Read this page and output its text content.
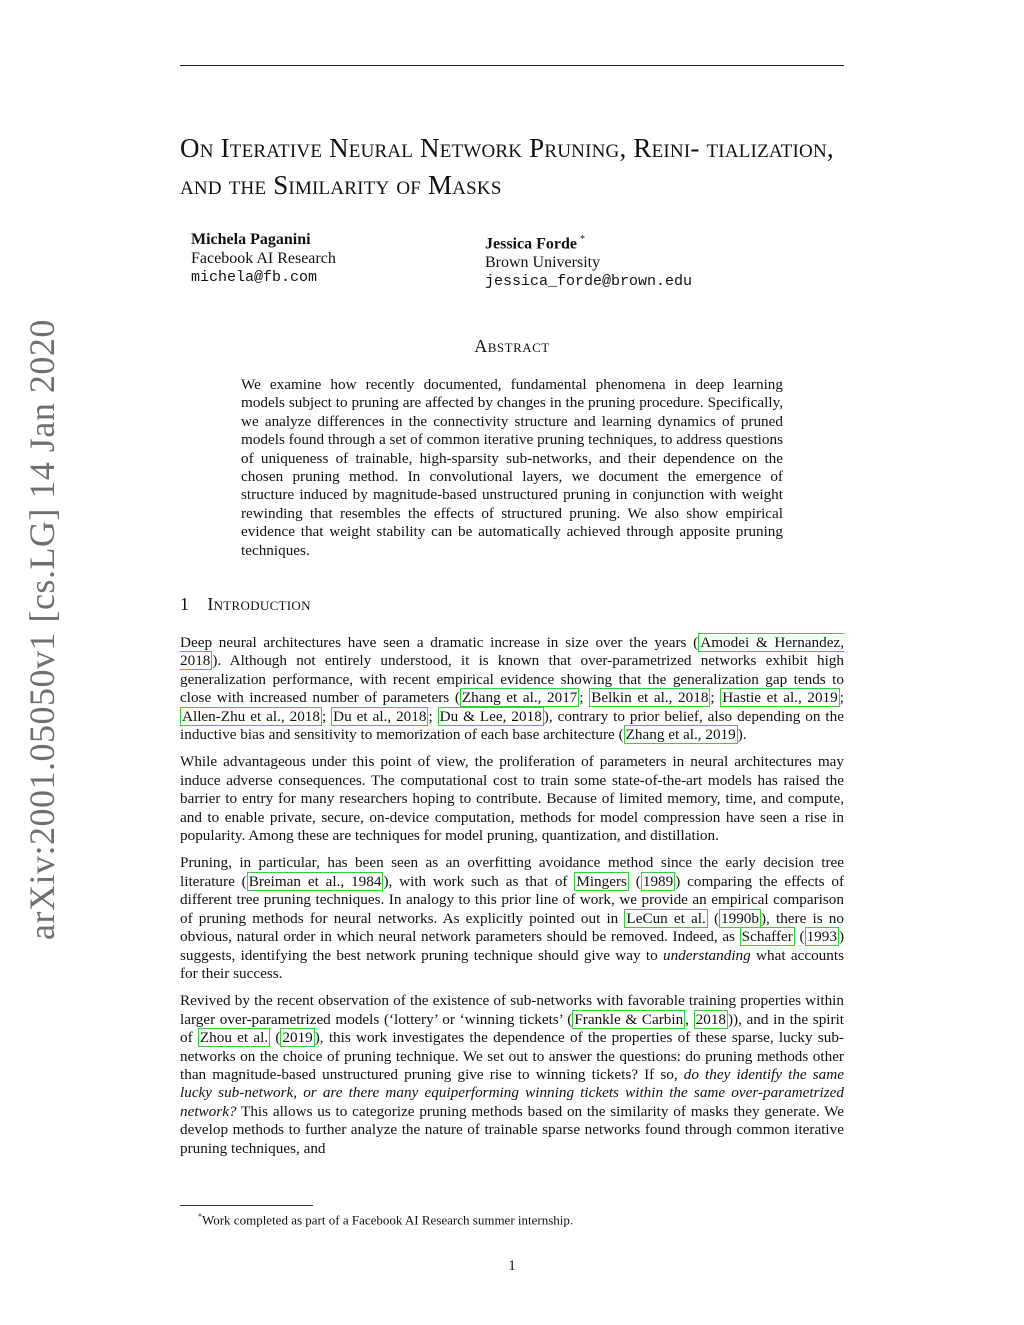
arXiv:2001.05050v1 [cs.LG] 14 Jan 2020
On Iterative Neural Network Pruning, Reini- tialization, and the Similarity of Masks
Michela Paganini
Facebook AI Research
michela@fb.com
Jessica Forde *
Brown University
jessica_forde@brown.edu
Abstract

We examine how recently documented, fundamental phenomena in deep learning models subject to pruning are affected by changes in the pruning procedure. Specifically, we analyze differences in the connectivity structure and learning dynamics of pruned models found through a set of common iterative pruning techniques, to address questions of uniqueness of trainable, high-sparsity sub-networks, and their dependence on the chosen pruning method. In convolutional layers, we document the emergence of structure induced by magnitude-based unstructured pruning in conjunction with weight rewinding that resembles the effects of structured pruning. We also show empirical evidence that weight stability can be automatically achieved through apposite pruning techniques.

1 Introduction

Deep neural architectures have seen a dramatic increase in size over the years ( Amodei & Hernandez, 2018 ). Although not entirely understood, it is known that over-parametrized networks exhibit high generalization performance, with recent empirical evidence showing that the generalization gap tends to close with increased number of parameters ( Zhang et al., 2017 ; Belkin et al., 2018 ; Hastie et al., 2019 ; Allen-Zhu et al., 2018 ; Du et al., 2018 ; Du & Lee, 2018 ), contrary to prior belief, also depending on the inductive bias and sensitivity to memorization of each base architecture ( Zhang et al., 2019 ).

While advantageous under this point of view, the proliferation of parameters in neural architectures may induce adverse consequences. The computational cost to train some state-of-the-art models has raised the barrier to entry for many researchers hoping to contribute. Because of limited memory, time, and compute, and to enable private, secure, on-device computation, methods for model compression have seen a rise in popularity. Among these are techniques for model pruning, quantization, and distillation.

Pruning, in particular, has been seen as an overfitting avoidance method since the early decision tree literature ( Breiman et al., 1984 ), with work such as that of Mingers ( 1989 ) comparing the effects of different tree pruning techniques. In analogy to this prior line of work, we provide an empirical comparison of pruning methods for neural networks. As explicitly pointed out in LeCun et al. ( 1990b ), there is no obvious, natural order in which neural network parameters should be removed. Indeed, as Schaffer ( 1993 ) suggests, identifying the best network pruning technique should give way to understanding what accounts for their success.

Revived by the recent observation of the existence of sub-networks with favorable training properties within larger over-parametrized models (‘lottery’ or ‘winning tickets’ ( Frankle & Carbin , 2018 )), and in the spirit of Zhou et al. ( 2019 ), this work investigates the dependence of the properties of these sparse, lucky sub-networks on the choice of pruning technique. We set out to answer the questions: do pruning methods other than magnitude-based unstructured pruning give rise to winning tickets? If so, do they identify the same lucky sub-network, or are there many equiperforming winning tickets within the same over-parametrized network? This allows us to categorize pruning methods based on the similarity of masks they generate. We develop methods to further analyze the nature of trainable sparse networks found through common iterative pruning techniques, and

*Work completed as part of a Facebook AI Research summer internship.
1
